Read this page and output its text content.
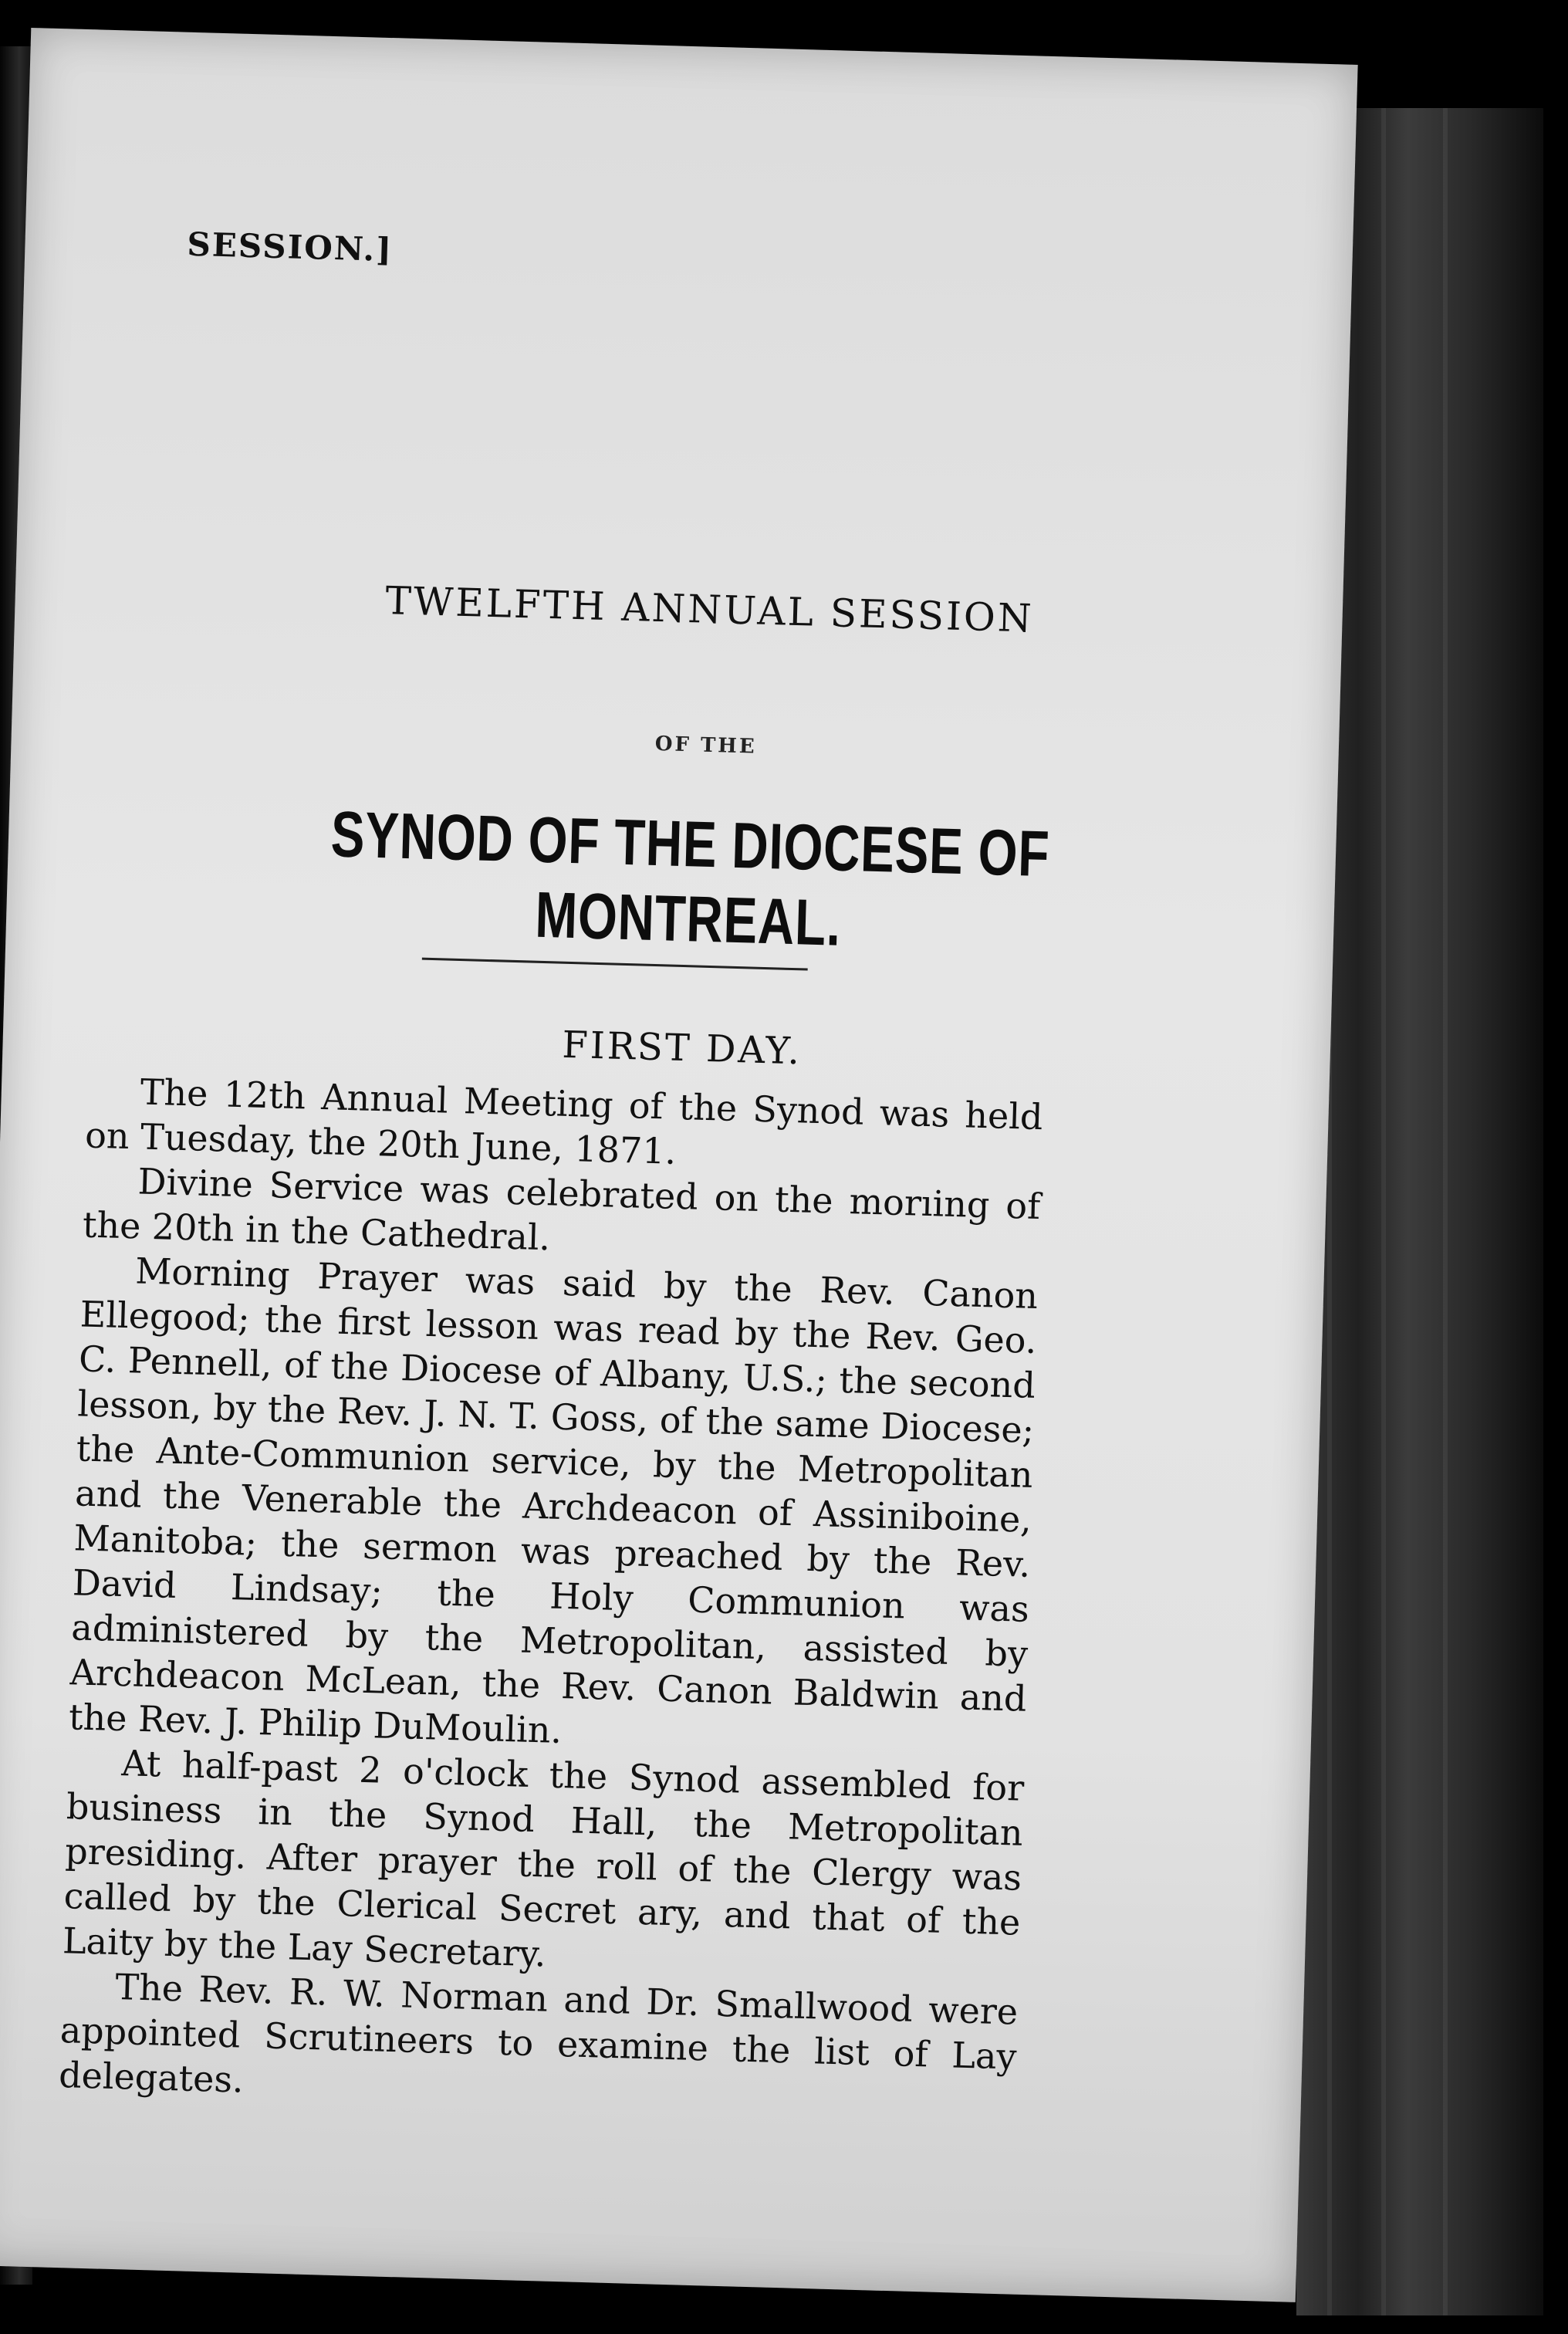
SESSION.]
TWELFTH ANNUAL SESSION
OF THE
SYNOD OF THE DIOCESE OF MONTREAL.
FIRST DAY.

The 12th Annual Meeting of the Synod was held on Tuesday, the 20th June, 1871.

Divine Service was celebrated on the morıing of the 20th in the Cathedral.

Morning Prayer was said by the Rev. Canon Ellegood; the first lesson was read by the Rev. Geo. C. Pennell, of the Diocese of Albany, U.S.; the second lesson, by the Rev. J. N. T. Goss, of the same Diocese; the Ante-Communion service, by the Metropolitan and the Venerable the Archdeacon of Assiniboine, Manitoba; the sermon was preached by the Rev. David Lindsay; the Holy Communion was administered by the Metropolitan, assisted by Archdeacon McLean, the Rev. Canon Baldwin and the Rev. J. Philip DuMoulin.

At half-past 2 o'clock the Synod assembled for business in the Synod Hall, the Metropolitan presiding. After prayer the roll of the Clergy was called by the Clerical Secret ary, and that of the Laity by the Lay Secretary.

The Rev. R. W. Norman and Dr. Smallwood were appointed Scrutineers to examine the list of Lay delegates.
